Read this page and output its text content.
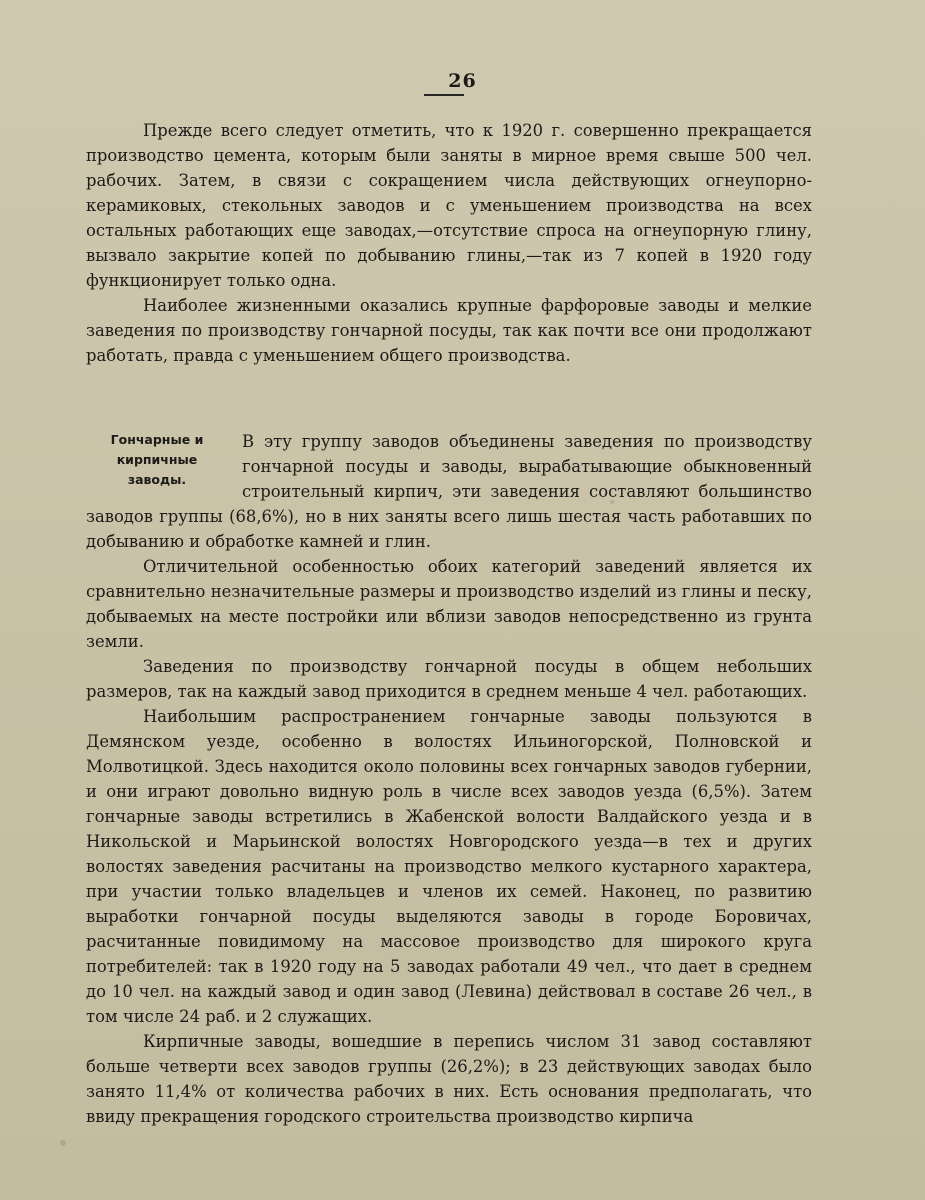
26

Прежде всего следует отметить, что к 1920 г. совершенно прекращается производство цемента, которым были заняты в мирное время свыше 500 чел. рабочих. Затем, в связи с сокращением числа действующих огнеупорно-керамиковых, стекольных заводов и с уменьшением производства на всех остальных работающих еще заводах,—отсутствие спроса на огнеупорную глину, вызвало закрытие копей по добыванию глины,—так из 7 копей в 1920 году функционирует только одна.

Наиболее жизненными оказались крупные фарфоровые заводы и мелкие заведения по производству гончарной посуды, так как почти все они продолжают работать, правда с уменьшением общего производства.

Гончарные и кирпичные заводы.

В эту группу заводов объединены заведения по производству гончарной посуды и заводы, вырабатывающие обыкновенный строительный кирпич, эти заведения составляют большинство заводов группы (68,6%), но в них заняты всего лишь шестая часть работавших по добыванию и обработке камней и глин.

Отличительной особенностью обоих категорий заведений является их сравнительно незначительные размеры и производство изделий из глины и песку, добываемых на месте постройки или вблизи заводов непосредственно из грунта земли.

Заведения по производству гончарной посуды в общем небольших размеров, так на каждый завод приходится в среднем меньше 4 чел. работающих.

Наибольшим распространением гончарные заводы пользуются в Демянском уезде, особенно в волостях Ильиногорской, Полновской и Молвотицкой. Здесь находится около половины всех гончарных заводов губернии, и они играют довольно видную роль в числе всех заводов уезда (6,5%). Затем гончарные заводы встретились в Жабенской волости Валдайского уезда и в Никольской и Марьинской волостях Новгородского уезда—в тех и других волостях заведения расчитаны на производство мелкого кустарного характера, при участии только владельцев и членов их семей. Наконец, по развитию выработки гончарной посуды выделяются заводы в городе Боровичах, расчитанные повидимому на массовое производство для широкого круга потребителей: так в 1920 году на 5 заводах работали 49 чел., что дает в среднем до 10 чел. на каждый завод и один завод (Левина) действовал в составе 26 чел., в том числе 24 раб. и 2 служащих.

Кирпичные заводы, вошедшие в перепись числом 31 завод составляют больше четверти всех заводов группы (26,2%); в 23 действующих заводах было занято 11,4% от количества рабочих в них. Есть основания предполагать, что ввиду прекращения городского строительства производство кирпича
